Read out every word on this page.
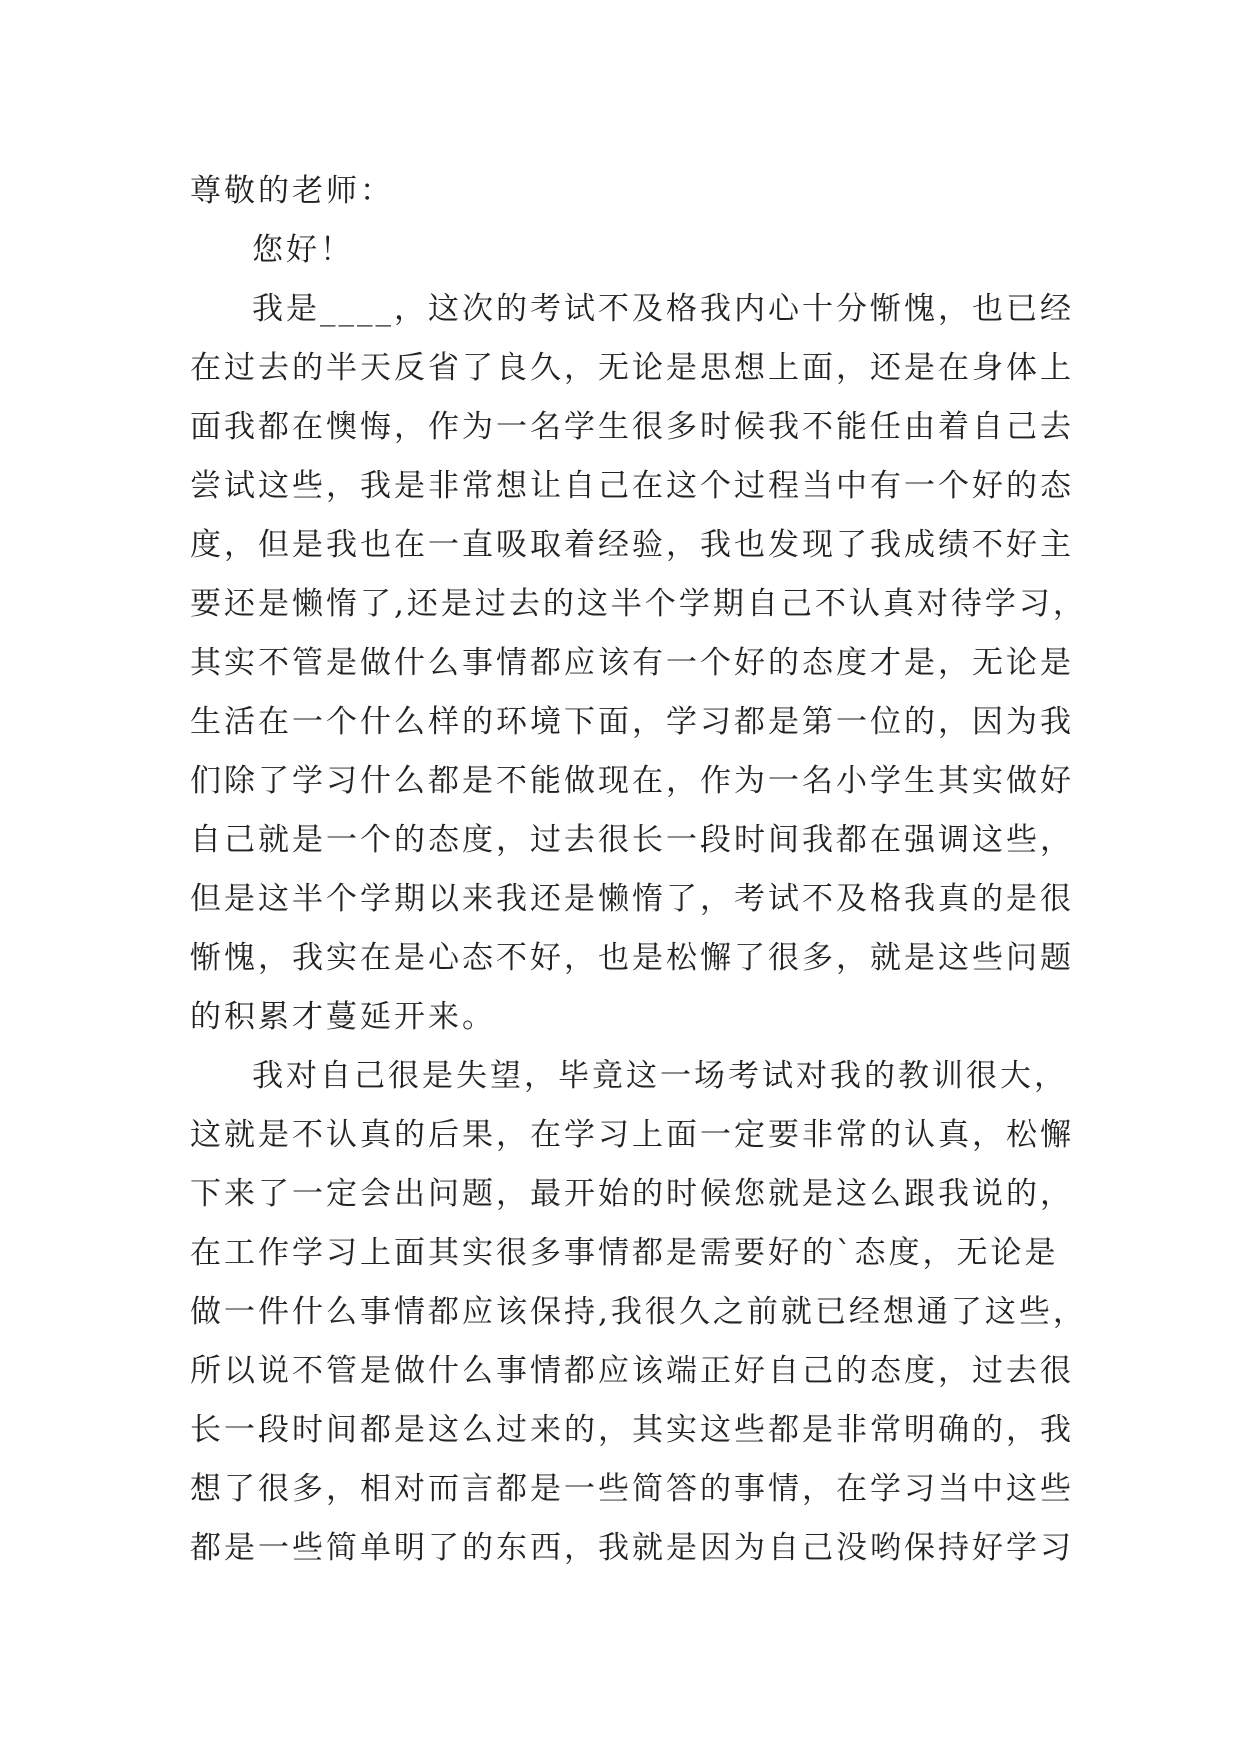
尊敬的老师：
您好！
我是____，这次的考试不及格我内心十分惭愧，也已经
在过去的半天反省了良久，无论是思想上面，还是在身体上
面我都在懊悔，作为一名学生很多时候我不能任由着自己去
尝试这些，我是非常想让自己在这个过程当中有一个好的态
度，但是我也在一直吸取着经验，我也发现了我成绩不好主
要还是懒惰了,还是过去的这半个学期自己不认真对待学习，
其实不管是做什么事情都应该有一个好的态度才是，无论是
生活在一个什么样的环境下面，学习都是第一位的，因为我
们除了学习什么都是不能做现在，作为一名小学生其实做好
自己就是一个的态度，过去很长一段时间我都在强调这些，
但是这半个学期以来我还是懒惰了，考试不及格我真的是很
惭愧，我实在是心态不好，也是松懈了很多，就是这些问题
的积累才蔓延开来。
我对自己很是失望，毕竟这一场考试对我的教训很大，
这就是不认真的后果，在学习上面一定要非常的认真，松懈
下来了一定会出问题，最开始的时候您就是这么跟我说的，
在工作学习上面其实很多事情都是需要好的`态度，无论是
做一件什么事情都应该保持,我很久之前就已经想通了这些，
所以说不管是做什么事情都应该端正好自己的态度，过去很
长一段时间都是这么过来的，其实这些都是非常明确的，我
想了很多，相对而言都是一些简答的事情，在学习当中这些
都是一些简单明了的东西，我就是因为自己没哟保持好学习
